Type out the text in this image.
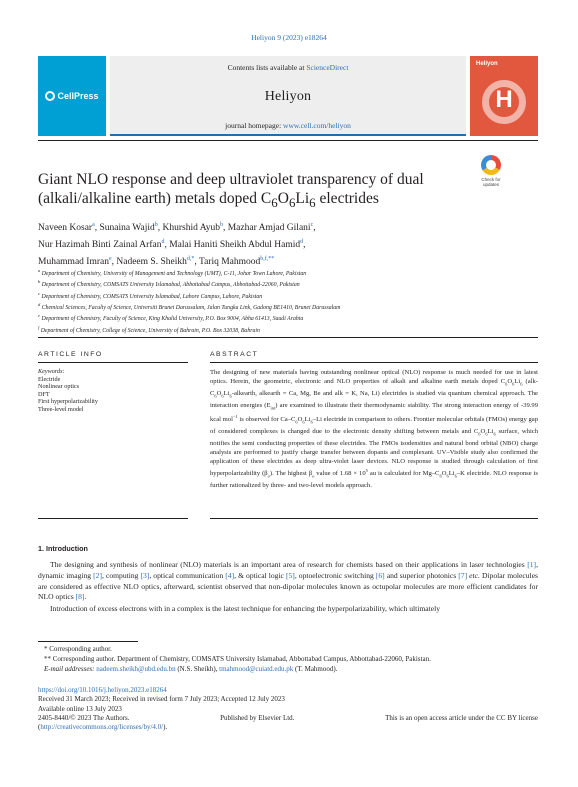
Heliyon 9 (2023) e18264
CellPress
Contents lists available at ScienceDirect
Heliyon
journal homepage: www.cell.com/heliyon
Heliyon
H
Giant NLO response and deep ultraviolet transparency of dual (alkali/alkaline earth) metals doped $C_6O_6Li_6$ electrides
Check for
updates
Naveen Kosar$^a$, Sunaina Wajid$^b$, Khurshid Ayub$^b$, Mazhar Amjad Gilani$^c$,
Nur Hazimah Binti Zainal Arfan$^d$, Malai Haniti Sheikh Abdul Hamid$^d$,
Muhammad Imran$^e$, Nadeem S. Sheikh$^{d,*}$, Tariq Mahmood$^{b,f,**}$
$^a$ Department of Chemistry, University of Management and Technology (UMT), C-11, Johar Town Lahore, Pakistan
$^b$ Department of Chemistry, COMSATS University Islamabad, Abbottabad Campus, Abbottabad-22060, Pakistan
$^c$ Department of Chemistry, COMSATS University Islamabad, Lahore Campus, Lahore, Pakistan
$^d$ Chemical Sciences, Faculty of Science, Universiti Brunei Darussalam, Jalan Tungku Link, Gadong BE1410, Brunei Darussalam
$^e$ Department of Chemistry, Faculty of Science, King Khalid University, P.O. Box 9004, Abha 61413, Saudi Arabia
$^f$ Department of Chemistry, College of Science, University of Bahrain, P.O. Box 32038, Bahrain
ARTICLE INFO	ABSTRACT
Keywords:
Electride
Nonlinear optics
DFT
First hyperpolarizability
Three-level model
The designing of new materials having outstanding nonlinear optical (NLO) response is much needed for use in latest optics. Herein, the geometric, electronic and NLO properties of alkali and alkaline earth metals doped $C_6O_6Li_6$ ($alk-C_6O_6Li_6$-alkearth, alkearth = Ca, Mg, Be and alk = K, Na, Li) electrides is studied via quantum chemical approach. The interaction energies $(E_{int})$ are examined to illustrate their thermodynamic stability. The strong interaction energy of -39.99 kcal mol$^{-1}$ is observed for $Ca-C_6O_6Li_6-Li$ electride in comparison to others. Frontier molecular orbitals (FMOs) energy gap of considered complexes is changed due to the electronic density shifting between metals and $C_6O_6Li_6$ surface, which notifies the semi conducting properties of these electrides. The FMOs isodensities and natural bond orbital (NBO) charge analysis are performed to justify charge transfer between dopants and complexant. UV–Visible study also confirmed the application of these electrides as deep ultra-violet laser devices. NLO response is studied through calculation of first hyperpolarizability $(\beta_o)$. The highest $\beta_o$ value of $1.68 \times 10^5$ au is calculated for $Mg-C_6O_6Li_6-K$ electride. NLO response is further rationalized by three- and two-level models approach.
1. Introduction

The designing and synthesis of nonlinear (NLO) materials is an important area of research for chemists based on their applications in laser technologies [1], dynamic imaging [2], computing [3], optical communication [4], & optical logic [5], optoelectronic switching [6] and superior photonics [7] etc. Dipolar molecules are considered as effective NLO optics, afterward, scientist observed that non-dipolar molecules known as octupolar molecules are more efficient candidates for NLO optics [8].

Introduction of excess electrons with in a complex is the latest technique for enhancing the hyperpolarizability, which ultimately

* Corresponding author.
** Corresponding author. Department of Chemistry, COMSATS University Islamabad, Abbottabad Campus, Abbottabad-22060, Pakistan.
E-mail addresses: nadeem.sheikh@ubd.edu.bn (N.S. Sheikh), tmahmood@cuiatd.edu.pk (T. Mahmood).
https://doi.org/10.1016/j.heliyon.2023.e18264
Received 31 March 2023; Received in revised form 7 July 2023; Accepted 12 July 2023
Available online 13 July 2023
2405-8440/© 2023 The Authors.	Published by Elsevier Ltd.	This is an open access article under the CC BY license
(http://creativecommons.org/licenses/by/4.0/).
